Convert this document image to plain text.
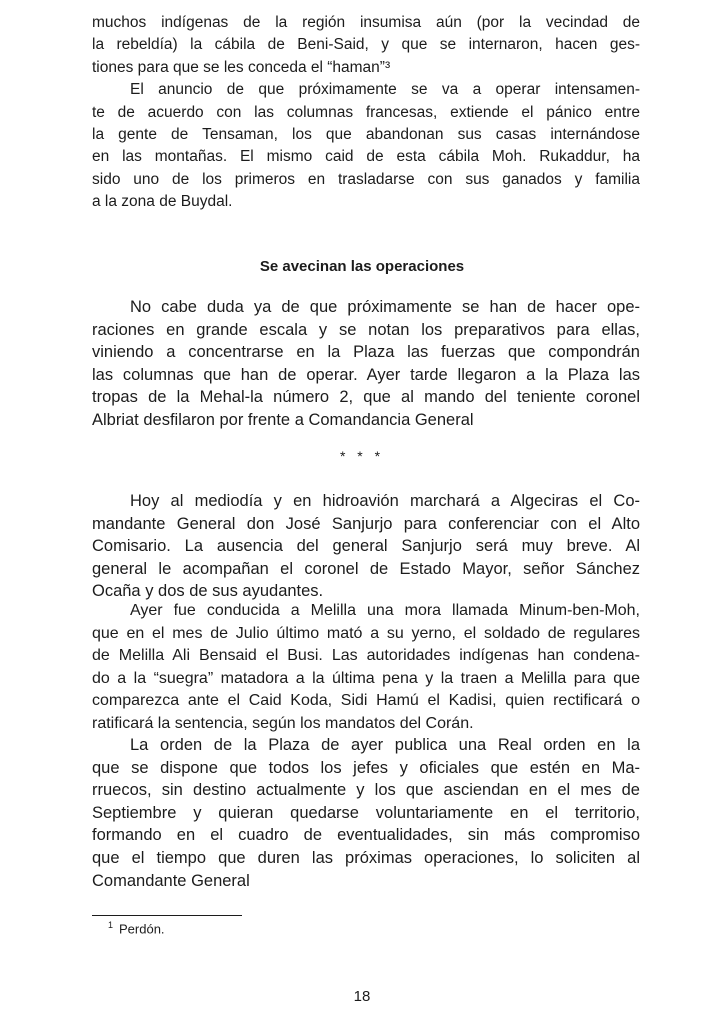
muchos indígenas de la región insumisa aún (por la vecindad de
la rebeldía) la cábila de Beni-Said, y que se internaron, hacen ges-
tiones para que se les conceda el “haman”³
El anuncio de que próximamente se va a operar intensamen-
te de acuerdo con las columnas francesas, extiende el pánico entre
la gente de Tensaman, los que abandonan sus casas internándose
en las montañas. El mismo caid de esta cábila Moh. Rukaddur, ha
sido uno de los primeros en trasladarse con sus ganados y familia
a la zona de Buydal.
Se avecinan las operaciones
No cabe duda ya de que próximamente se han de hacer ope-
raciones en grande escala y se notan los preparativos para ellas,
viniendo a concentrarse en la Plaza las fuerzas que compondrán
las columnas que han de operar. Ayer tarde llegaron a la Plaza las
tropas de la Mehal-la número 2, que al mando del teniente coronel
Albriat desfilaron por frente a Comandancia General
* * *
Hoy al mediodía y en hidroavión marchará a Algeciras el Co-
mandante General don José Sanjurjo para conferenciar con el Alto
Comisario. La ausencia del general Sanjurjo será muy breve. Al
general le acompañan el coronel de Estado Mayor, señor Sánchez
Ocaña y dos de sus ayudantes.
Ayer fue conducida a Melilla una mora llamada Minum-ben-Moh,
que en el mes de Julio último mató a su yerno, el soldado de regulares
de Melilla Ali Bensaid el Busi. Las autoridades indígenas han condena-
do a la “suegra” matadora a la última pena y la traen a Melilla para que
comparezca ante el Caid Koda, Sidi Hamú el Kadisi, quien rectificará o
ratificará la sentencia, según los mandatos del Corán.
La orden de la Plaza de ayer publica una Real orden en la
que se dispone que todos los jefes y oficiales que estén en Ma-
rruecos, sin destino actualmente y los que asciendan en el mes de
Septiembre y quieran quedarse voluntariamente en el territorio,
formando en el cuadro de eventualidades, sin más compromiso
que el tiempo que duren las próximas operaciones, lo soliciten al
Comandante General
$^1$ Perdón.
18
